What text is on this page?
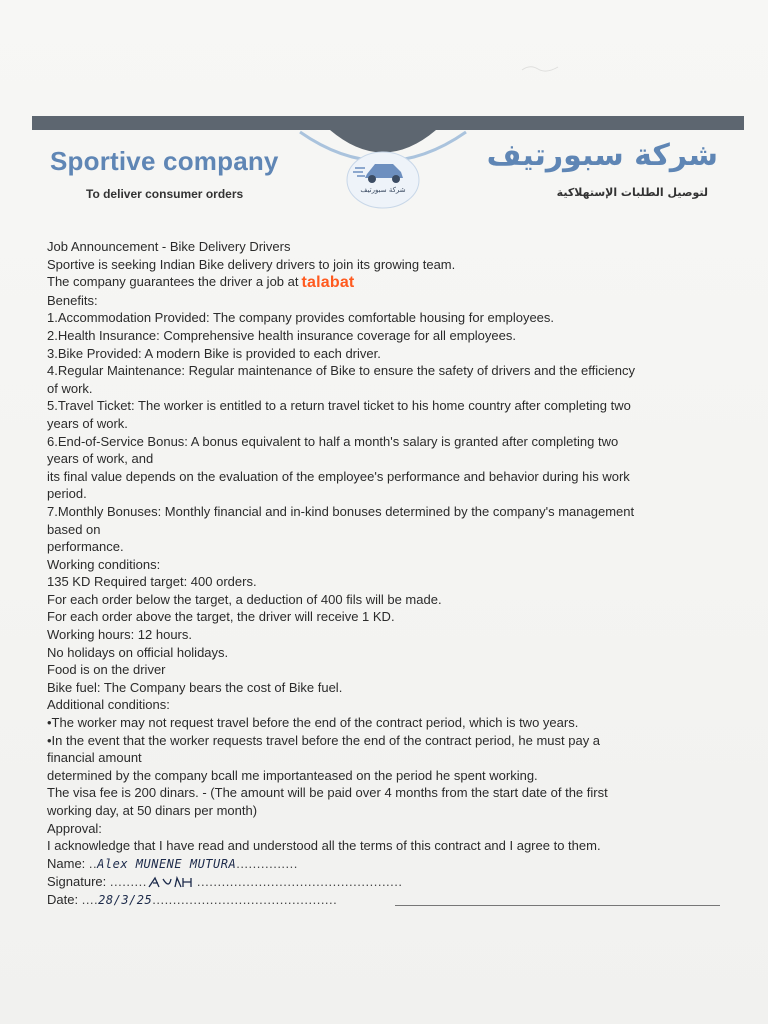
Sportive company
To deliver consumer orders
شركة سبورتيف
لتوصيل الطلبات الإستهلاكية
شركة سبورتيف
Job Announcement - Bike Delivery Drivers
Sportive is seeking Indian Bike delivery drivers to join its growing team.
The company guarantees the driver a job at talabat
Benefits:
1.Accommodation Provided: The company provides comfortable housing for employees.
2.Health Insurance: Comprehensive health insurance coverage for all employees.
3.Bike Provided: A modern Bike is provided to each driver.
4.Regular Maintenance: Regular maintenance of Bike to ensure the safety of drivers and the efficiency
of work.
5.Travel Ticket: The worker is entitled to a return travel ticket to his home country after completing two
years of work.
6.End-of-Service Bonus: A bonus equivalent to half a month's salary is granted after completing two
years of work, and
its final value depends on the evaluation of the employee's performance and behavior during his work
period.
7.Monthly Bonuses: Monthly financial and in-kind bonuses determined by the company's management
based on
performance.
Working conditions:
135 KD Required target: 400 orders.
For each order below the target, a deduction of 400 fils will be made.
For each order above the target, the driver will receive 1 KD.
Working hours: 12 hours.
No holidays on official holidays.
Food is on the driver
Bike fuel: The Company bears the cost of Bike fuel.
Additional conditions:
•The worker may not request travel before the end of the contract period, which is two years.
•In the event that the worker requests travel before the end of the contract period, he must pay a
financial amount
determined by the company bcall me importanteased on the period he spent working.
The visa fee is 200 dinars. - (The amount will be paid over 4 months from the start date of the first
working day, at 50 dinars per month)
Approval:
I acknowledge that I have read and understood all the terms of this contract and I agree to them.
Name: ..Alex MUNENE MUTURA...............
Signature: .........	..................................................
Date: ....28/3/25.............................................
